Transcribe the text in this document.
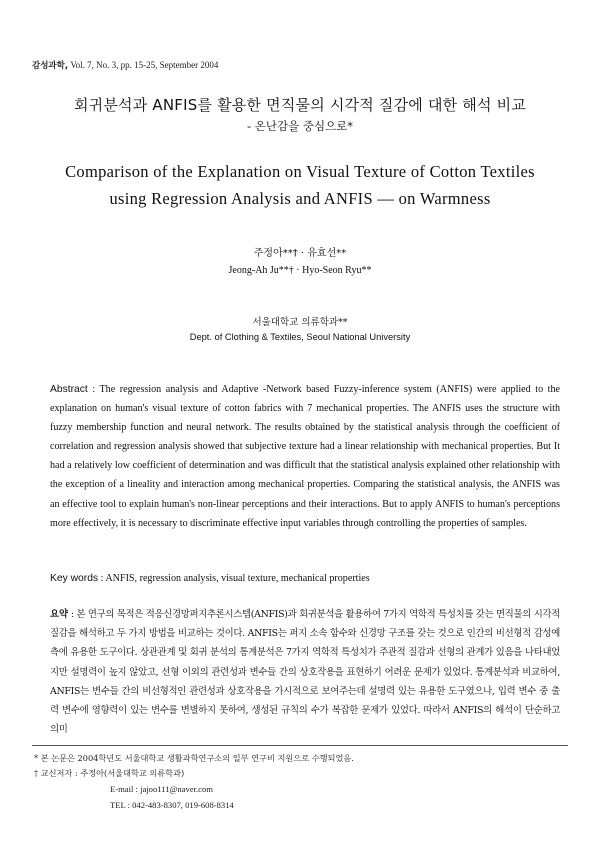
감성과학, Vol. 7, No. 3, pp. 15-25, September 2004
회귀분석과 ANFIS를 활용한 면직물의 시각적 질감에 대한 해석 비교
- 온난감을 중심으로*
Comparison of the Explanation on Visual Texture of Cotton Textiles
using Regression Analysis and ANFIS — on Warmness
주정아**† · 유효선**
Jeong-Ah Ju**† · Hyo-Seon Ryu**
서울대학교 의류학과**
Dept. of Clothing & Textiles, Seoul National University
Abstract : The regression analysis and Adaptive -Network based Fuzzy-inference system (ANFIS) were applied to the explanation on human's visual texture of cotton fabrics with 7 mechanical properties. The ANFIS uses the structure with fuzzy membership function and neural network. The results obtained by the statistical analysis through the coefficient of correlation and regression analysis showed that subjective texture had a linear relationship with mechanical properties. But It had a relatively low coefficient of determination and was difficult that the statistical analysis explained other relationship with the exception of a lineality and interaction among mechanical properties. Comparing the statistical analysis, the ANFIS was an effective tool to explain human's non-linear perceptions and their interactions. But to apply ANFIS to human's perceptions more effectively, it is necessary to discriminate effective input variables through controlling the properties of samples.
Key words : ANFIS, regression analysis, visual texture, mechanical properties
요약 : 본 연구의 목적은 적응신경망퍼지추론시스템(ANFIS)과 회귀분석을 활용하여 7가지 역학적 특성치를 갖는 면직물의 시각적 질감을 해석하고 두 가지 방법을 비교하는 것이다. ANFIS는 퍼지 소속 함수와 신경망 구조를 갖는 것으로 인간의 비선형적 감성예측에 유용한 도구이다. 상관관계 및 회귀 분석의 통계분석은 7가지 역학적 특성치가 주관적 질감과 선형의 관계가 있음을 나타내었지만 설명력이 높지 않았고, 선형 이외의 관련성과 변수들 간의 상호작용을 표현하기 어려운 문제가 있었다. 통계분석과 비교하여, ANFIS는 변수들 간의 비선형적인 관련성과 상호작용을 가시적으로 보여주는데 설명력 있는 유용한 도구였으나, 입력 변수 중 출력 변수에 영향력이 있는 변수를 변별하지 못하여, 생성된 규칙의 수가 복잡한 문제가 있었다. 따라서 ANFIS의 해석이 단순하고 의미
* 본 논문은 2004학년도 서울대학교 생활과학연구소의 일부 연구비 지원으로 수행되었음.
† 교신저자 : 주정아(서울대학교 의류학과)
E-mail : jajoo111@naver.com
TEL : 042-483-8307, 019-608-8314
